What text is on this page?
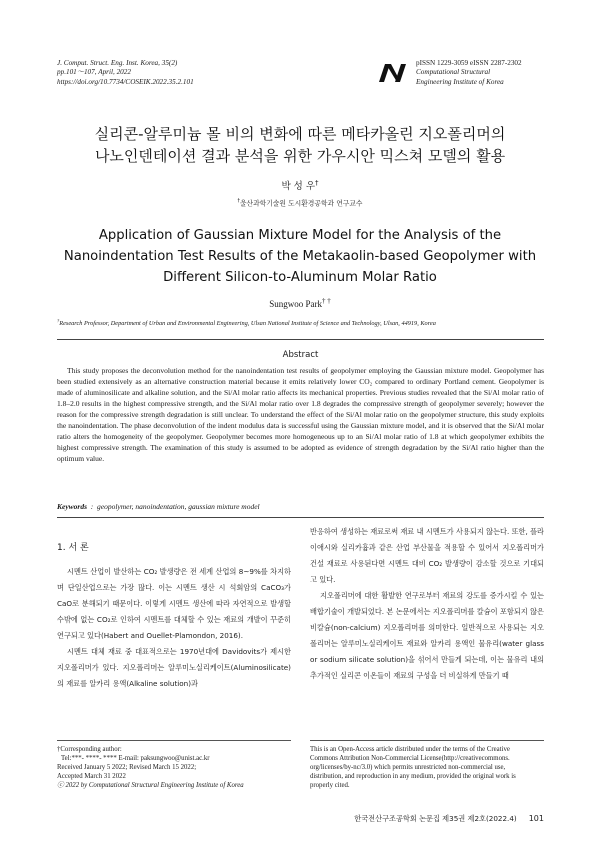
J. Comput. Struct. Eng. Inst. Korea, 35(2)
pp.101～107, April, 2022
https://doi.org/10.7734/COSEIK.2022.35.2.101
pISSN 1229-3059 eISSN 2287-2302
Computational Structural
Engineering Institute of Korea
실리콘-알루미늄 몰 비의 변화에 따른 메타카올린 지오폴리머의
나노인덴테이션 결과 분석을 위한 가우시안 믹스쳐 모델의 활용
박 성 우†
†울산과학기술원 도시환경공학과 연구교수
Application of Gaussian Mixture Model for the Analysis of the
Nanoindentation Test Results of the Metakaolin-based Geopolymer with
Different Silicon-to-Aluminum Molar Ratio
Sungwoo Park† †
†Research Professor, Department of Urban and Environmental Engineering, Ulsan National Institute of Science and Technology, Ulsan, 44919, Korea
Abstract
This study proposes the deconvolution method for the nanoindentation test results of geopolymer employing the Gaussian mixture model. Geopolymer has been studied extensively as an alternative construction material because it emits relatively lower CO₂ compared to ordinary Portland cement. Geopolymer is made of aluminosilicate and alkaline solution, and the Si/Al molar ratio affects its mechanical properties. Previous studies revealed that the Si/Al molar ratio of 1.8–2.0 results in the highest compressive strength, and the Si/Al molar ratio over 1.8 degrades the compressive strength of geopolymer severely; however the reason for the compressive strength degradation is still unclear. To understand the effect of the Si/Al molar ratio on the geopolymer structure, this study exploits the nanoindentation. The phase deconvolution of the indent modulus data is successful using the Gaussian mixture model, and it is observed that the Si/Al molar ratio alters the homogeneity of the geopolymer. Geopolymer becomes more homogeneous up to an Si/Al molar ratio of 1.8 at which geopolymer exhibits the highest compressive strength. The examination of this study is assumed to be adopted as evidence of strength degradation by the Si/Al ratio higher than the optimum value.
Keywords  :  geopolymer, nanoindentation, gaussian mixture model
1. 서 론

시멘트 산업이 발산하는 CO₂ 발생량은 전 세계 산업의 8~9%를 차지하며 단일산업으로는 가장 많다. 이는 시멘트 생산 시 석회암의 CaCO₃가 CaO로 분해되기 때문이다. 이렇게 시멘트 생산에 따라 자연적으로 발생할 수밖에 없는 CO₂로 인하여 시멘트를 대체할 수 있는 재료의 개발이 꾸준히 연구되고 있다(Habert and Ouellet-Plamondon, 2016).

시멘트 대체 재료 중 대표적으로는 1970년대에 Davidovits가 제시한 지오폴리머가 있다. 지오폴리머는 알루미노실리케이트(Aluminosilicate)의 재료를 알카리 용액(Alkaline solution)과

반응하여 생성하는 재료로써 재료 내 시멘트가 사용되지 않는다. 또한, 플라이애시와 실리카흄과 같은 산업 부산물을 적용할 수 있어서 지오폴리머가 건설 재료로 사용된다면 시멘트 대비 CO₂ 발생량이 감소할 것으로 기대되고 있다.

지오폴리머에 대한 활발한 연구로부터 재료의 강도를 증가시킬 수 있는 배합기술이 개발되었다. 본 논문에서는 지오폴리머를 칼슘이 포함되지 않은 비칼슘(non-calcium) 지오폴리머를 의미한다. 일반적으로 사용되는 지오폴리머는 알루미노실리케이트 재료와 알카리 용액인 물유리(water glass or sodium silicate solution)을 섞어서 만들게 되는데, 이는 물유리 내의 추가적인 실리콘 이온들이 재료의 구성을 더 비실하게 만들기 때

†Corresponding author:
Tel:***- ****- **** E-mail: paksungwoo@unist.ac.kr
Received January 5 2022; Revised March 15 2022;
Accepted March 31 2022
ⓒ 2022 by Computational Structural Engineering Institute of Korea
This is an Open-Access article distributed under the terms of the Creative
Commons Attribution Non-Commercial License(http://creativecommons.
org/licenses/by-nc/3.0) which permits unrestricted non-commercial use,
distribution, and reproduction in any medium, provided the original work is
properly cited.
한국전산구조공학회 논문집 제35권 제2호(2022.4) 101
